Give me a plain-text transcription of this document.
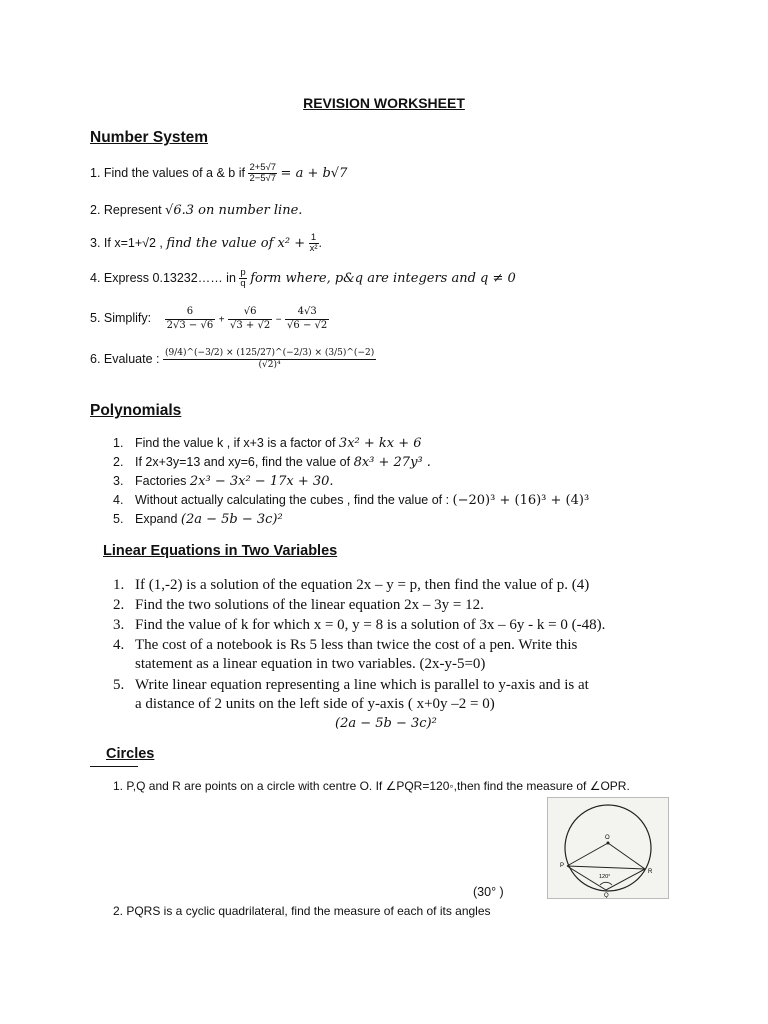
REVISION WORKSHEET
Number System
1. Find the values of a & b if $\frac{2+5√7}{2-5√7} = a + b√7$
2. Represent √6.3 on number line.
3. If x=1+√2 , find the value of $x^2 + \frac{1}{\text{x²}}$ .
4. Express 0.13232…… in $\frac{p}{q}$ form where, p&q are integers and q ≠ 0
5. Simplify: $\frac{6}{2√3 - √6} + \frac{√6}{√3 + √2} - \frac{4√3}{√6 - √2}$
6. Evaluate : $\frac{(9/4)\^{}(-3/2) \times (125/27)\^{}(-2/3) \times (3/5)\^{}(-2)}{\text{(√2)⁴}}$
Polynomials
1. Find the value k , if x+3 is a factor of 3x² + kx + 6
2. If 2x+3y=13 and xy=6, find the value of 8x³ + 27y³ .
3. Factories 2x³ − 3x² − 17x + 30.
4. Without actually calculating the cubes , find the value of : (−20)³ + (16)³ + (4)³
5. Expand (2a − 5b − 3c)²
Linear Equations in Two Variables
1. If (1,-2) is a solution of the equation 2x – y = p, then find the value of p. (4)
2. Find the two solutions of the linear equation 2x – 3y = 12.
3. Find the value of k for which x = 0, y = 8 is a solution of 3x – 6y - k = 0 (-48).
4. The cost of a notebook is Rs 5 less than twice the cost of a pen. Write this
statement as a linear equation in two variables. (2x-y-5=0)
5. Write linear equation representing a line which is parallel to y-axis and is at
a distance of 2 units on the left side of y-axis ( x+0y –2 = 0)
(2a − 5b − 3c)²
Circles
1. P,Q and R are points on a circle with centre O. If ∠PQR=120◦,then find the measure of ∠OPR.
O
P
R
Q
120°
(30° )
2. PQRS is a cyclic quadrilateral, find the measure of each of its angles
